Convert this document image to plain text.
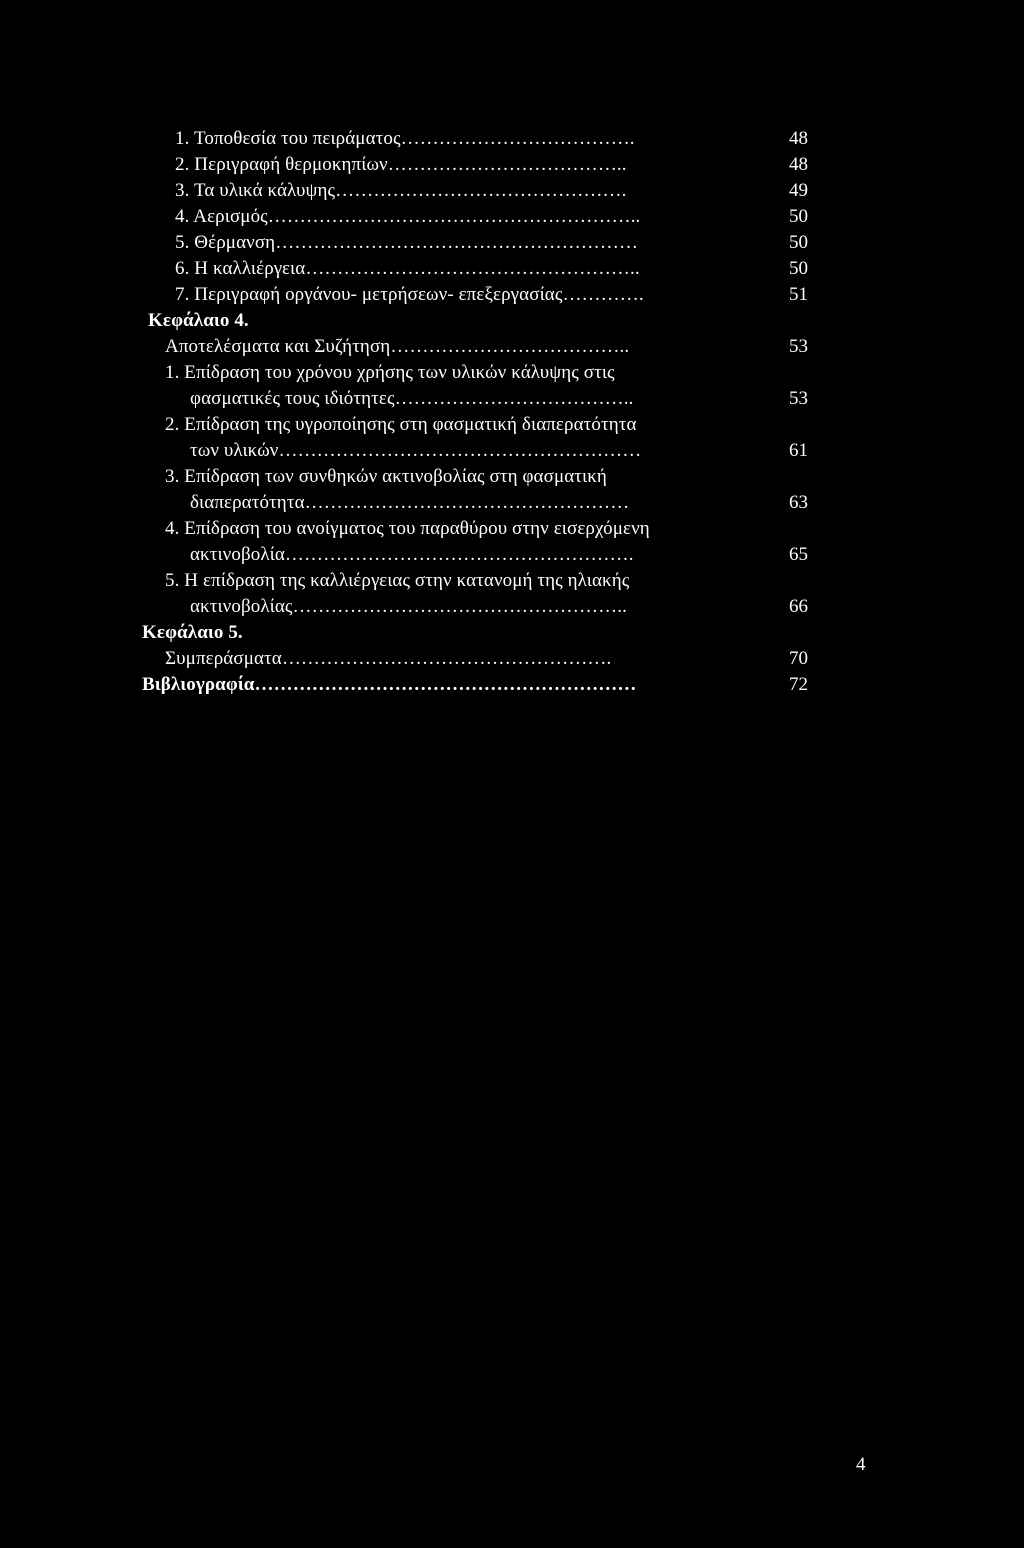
1. Τοποθεσία του πειράματος……………………………….	48
2. Περιγραφή θερμοκηπίων………………………………..	48
3. Τα υλικά κάλυψης……………………………………….	49
4. Αερισμός…………………………………………………..	50
5. Θέρμανση…………………………………………………	50
6. Η καλλιέργεια……………………………………………..	50
7. Περιγραφή οργάνου- μετρήσεων- επεξεργασίας………….	51
Κεφάλαιο 4.
Αποτελέσματα και Συζήτηση………………………………..	53
1. Επίδραση του χρόνου χρήσης των υλικών κάλυψης στις
φασματικές τους ιδιότητες………………………………..	53
2. Επίδραση της υγροποίησης στη φασματική διαπερατότητα
των υλικών…………………………………………………	61
3. Επίδραση των συνθηκών ακτινοβολίας στη φασματική
διαπερατότητα……………………………………………	63
4. Επίδραση του ανοίγματος του παραθύρου στην εισερχόμενη
ακτινοβολία……………………………………………….	65
5. Η επίδραση της καλλιέργειας στην κατανομή της ηλιακής
ακτινοβολίας……………………………………………..	66
Κεφάλαιο 5.
Συμπεράσματα…………………………………………….	70
Βιβλιογραφία……………………………………………………	72
4
